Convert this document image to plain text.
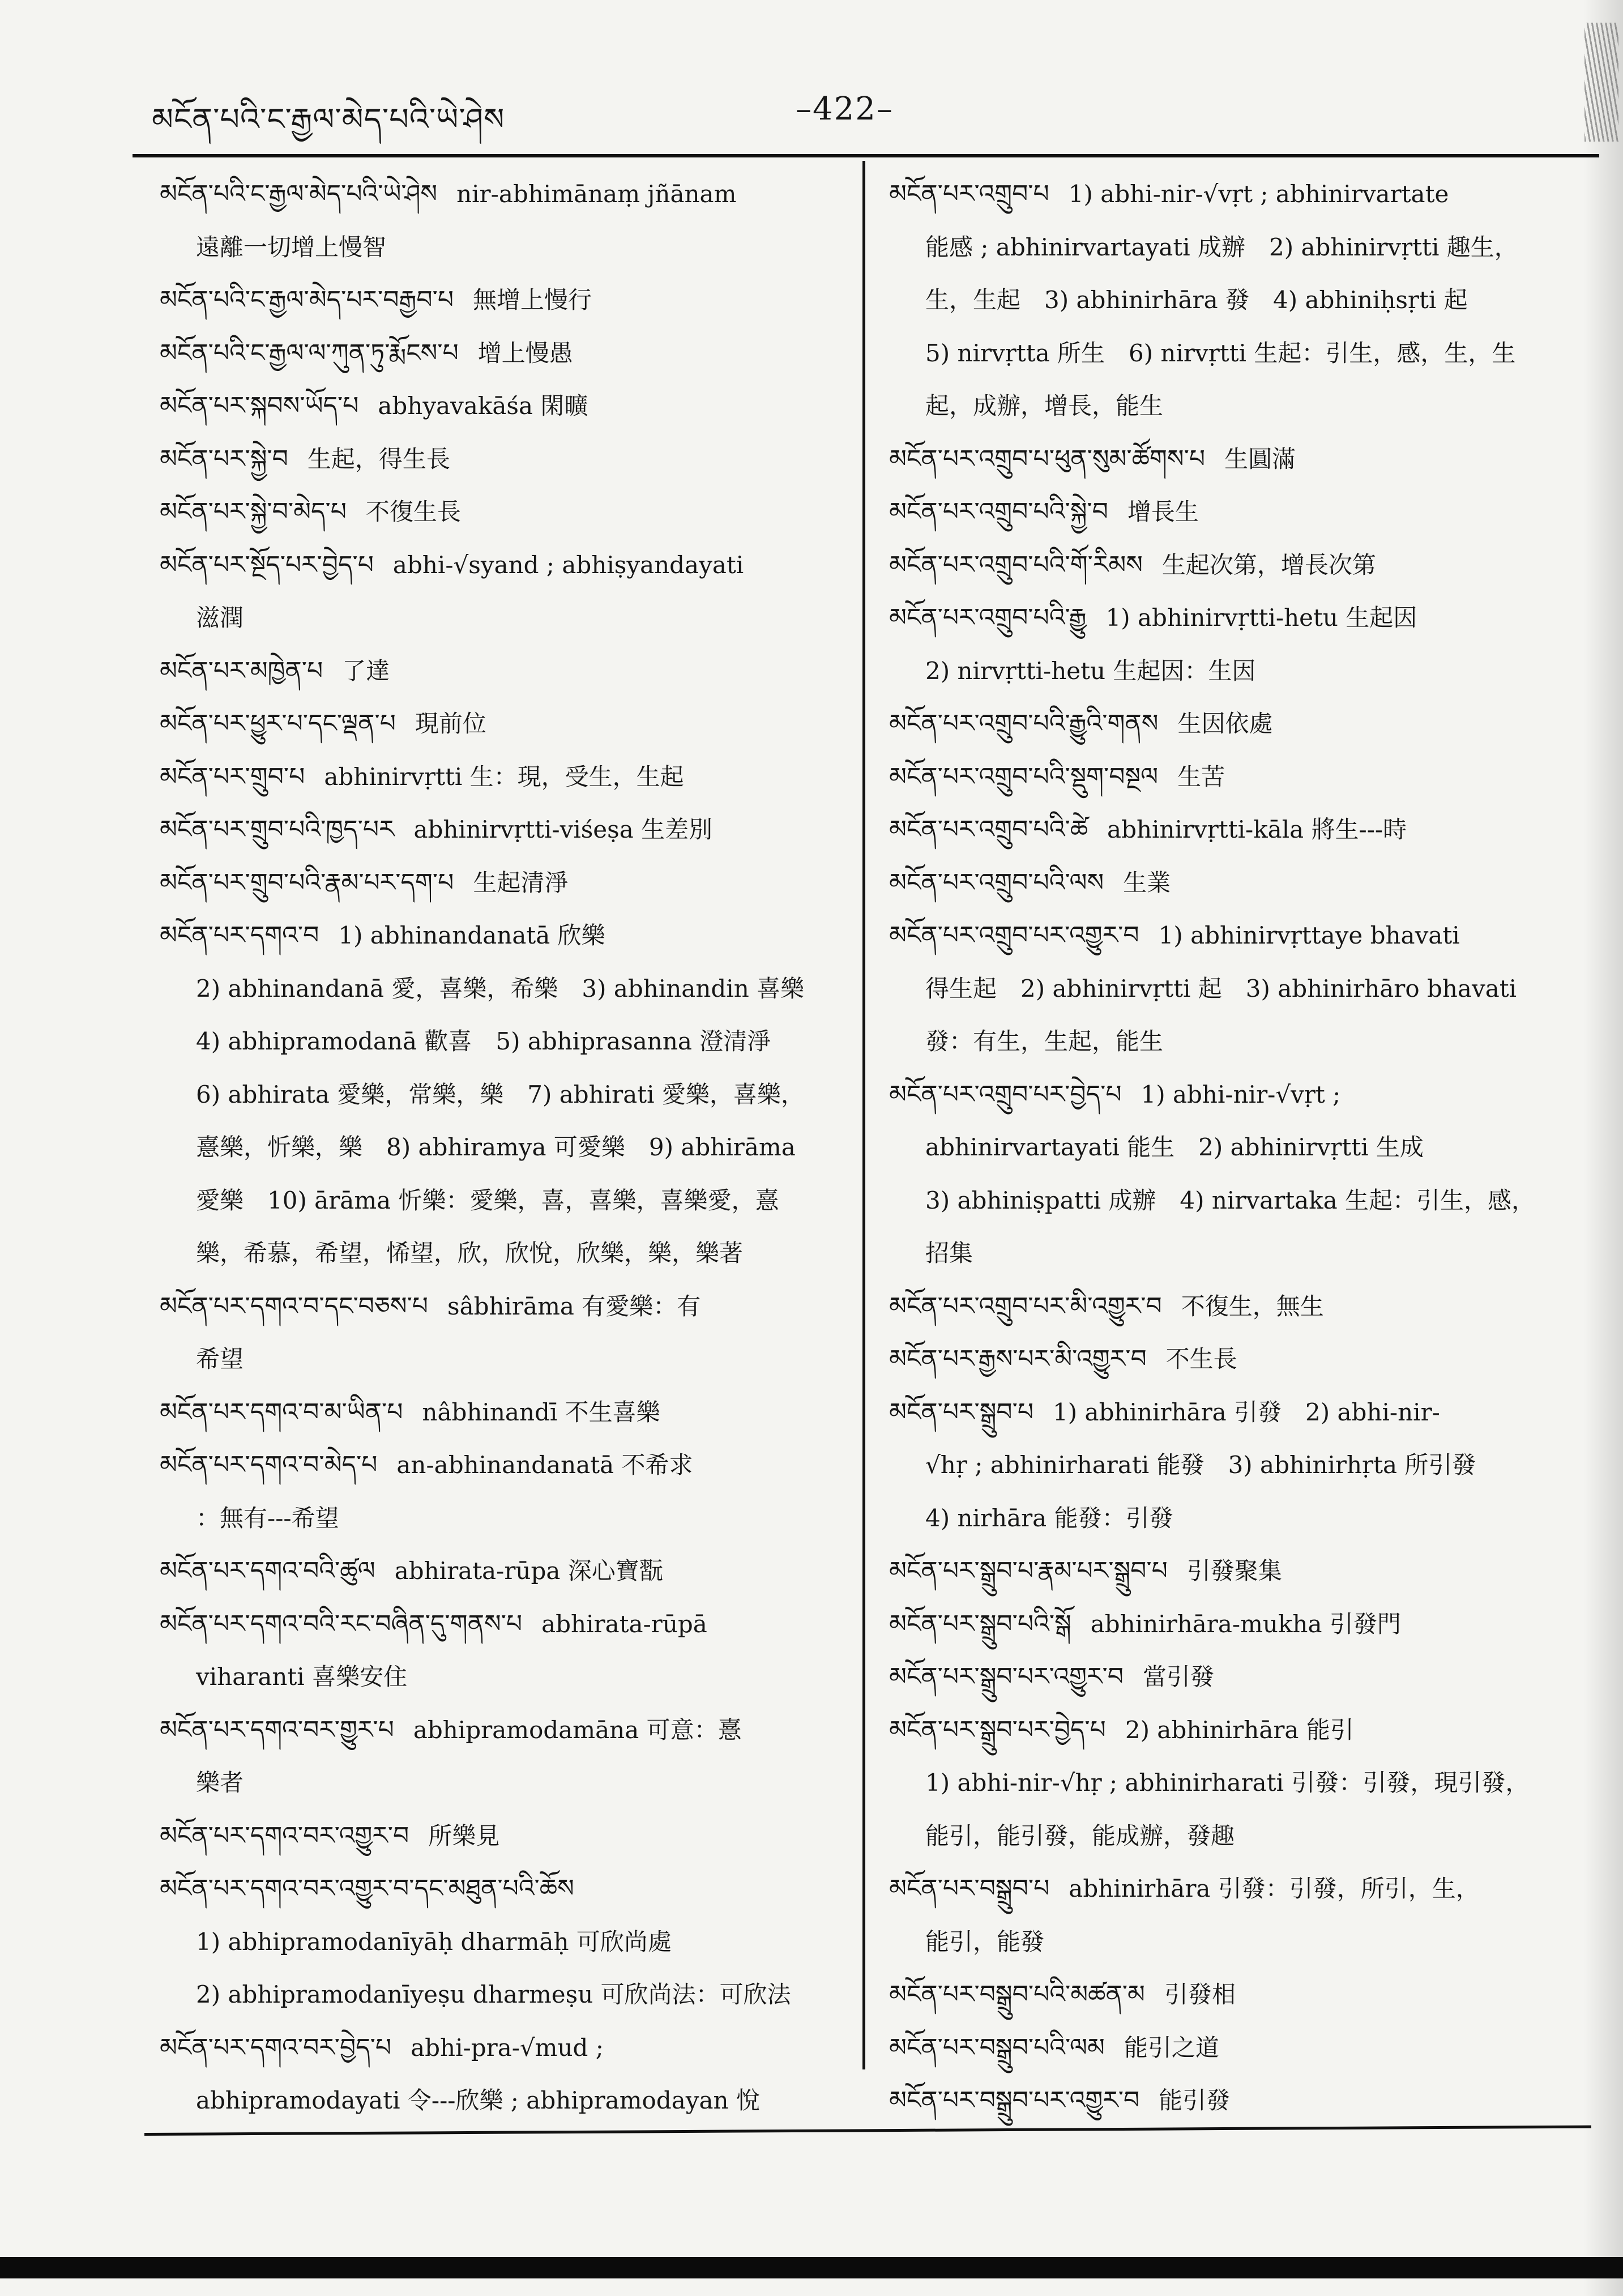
མངོན་པའི་ང་རྒྱལ་མེད་པའི་ཡེ་ཤེས	–422–
མངོན་པའི་ང་རྒྱལ་མེད་པའི་ཡེ་ཤེས nir-abhimānaṃ jñānam
遠離一切增上慢智
མངོན་པའི་ང་རྒྱལ་མེད་པར་བརྒྱབ་པ 無增上慢行
མངོན་པའི་ང་རྒྱལ་ལ་ཀུན་ཏུ་རྨོངས་པ 增上慢愚
མངོན་པར་སྐབས་ཡོད་པ abhyavakāśa 閑曠
མངོན་པར་སྐྱེ་བ 生起，得生長
མངོན་པར་སྐྱེ་བ་མེད་པ 不復生長
མངོན་པར་སྔོད་པར་བྱེད་པ abhi-√syand ; abhiṣyandayati
滋潤
མངོན་པར་མཁྱེན་པ 了達
མངོན་པར་ཕྱུར་པ་དང་ལྡན་པ 現前位
མངོན་པར་གྲུབ་པ abhinirvṛtti 生：現，受生，生起
མངོན་པར་གྲུབ་པའི་ཁྱད་པར abhinirvṛtti-viśeṣa 生差別
མངོན་པར་གྲུབ་པའི་རྣམ་པར་དག་པ 生起清淨
མངོན་པར་དགའ་བ 1) abhinandanatā 欣樂
2) abhinandanā 愛，喜樂，希樂　3) abhinandin 喜樂
4) abhipramodanā 歡喜　5) abhiprasanna 澄清淨
6) abhirata 愛樂，常樂，樂　7) abhirati 愛樂，喜樂，
憙樂，忻樂，樂　8) abhiramya 可愛樂　9) abhirāma
愛樂　10) ārāma 忻樂：愛樂，喜，喜樂，喜樂愛，憙
樂，希慕，希望，悕望，欣，欣悅，欣樂，樂，樂著
མངོན་པར་དགའ་བ་དང་བཅས་པ sâbhirāma 有愛樂：有
希望
མངོན་པར་དགའ་བ་མ་ཡིན་པ nâbhinandī 不生喜樂
མངོན་པར་དགའ་བ་མེད་པ an-abhinandanatā 不希求
：無有---希望
མངོན་པར་དགའ་བའི་ཚུལ abhirata-rūpa 深心寶翫
མངོན་པར་དགའ་བའི་རང་བཞིན་དུ་གནས་པ abhirata-rūpā
viharanti 喜樂安住
མངོན་པར་དགའ་བར་གྱུར་པ abhipramodamāna 可意：憙
樂者
མངོན་པར་དགའ་བར་འགྱུར་བ 所樂見
མངོན་པར་དགའ་བར་འགྱུར་བ་དང་མཐུན་པའི་ཆོས
1) abhipramodanīyāḥ dharmāḥ 可欣尚處
2) abhipramodanīyeṣu dharmeṣu 可欣尚法：可欣法
མངོན་པར་དགའ་བར་བྱེད་པ abhi-pra-√mud ;
abhipramodayati 令---欣樂 ; abhipramodayan 悅
མངོན་པར་འགྲུབ་པ 1) abhi-nir-√vṛt ; abhinirvartate
能感 ; abhinirvartayati 成辦　2) abhinirvṛtti 趣生，
生，生起　3) abhinirhāra 發　4) abhiniḥsṛti 起
5) nirvṛtta 所生　6) nirvṛtti 生起：引生，感，生，生
起，成辦，增長，能生
མངོན་པར་འགྲུབ་པ་ཕུན་སུམ་ཚོགས་པ 生圓滿
མངོན་པར་འགྲུབ་པའི་སྐྱེ་བ 增長生
མངོན་པར་འགྲུབ་པའི་གོ་རིམས 生起次第，增長次第
མངོན་པར་འགྲུབ་པའི་རྒྱུ 1) abhinirvṛtti-hetu 生起因
2) nirvṛtti-hetu 生起因：生因
མངོན་པར་འགྲུབ་པའི་རྒྱུའི་གནས 生因依處
མངོན་པར་འགྲུབ་པའི་སྡུག་བསྔལ 生苦
མངོན་པར་འགྲུབ་པའི་ཚེ abhinirvṛtti-kāla 將生---時
མངོན་པར་འགྲུབ་པའི་ལས 生業
མངོན་པར་འགྲུབ་པར་འགྱུར་བ 1) abhinirvṛttaye bhavati
得生起　2) abhinirvṛtti 起　3) abhinirhāro bhavati
發：有生，生起，能生
མངོན་པར་འགྲུབ་པར་བྱེད་པ 1) abhi-nir-√vṛt ;
abhinirvartayati 能生　2) abhinirvṛtti 生成
3) abhiniṣpatti 成辦　4) nirvartaka 生起：引生，感，
招集
མངོན་པར་འགྲུབ་པར་མི་འགྱུར་བ 不復生，無生
མངོན་པར་རྒྱས་པར་མི་འགྱུར་བ 不生長
མངོན་པར་སྒྲུབ་པ 1) abhinirhāra 引發　2) abhi-nir-
√hṛ ; abhinirharati 能發　3) abhinirhṛta 所引發
4) nirhāra 能發：引發
མངོན་པར་སྒྲུབ་པ་རྣམ་པར་སྒྲུབ་པ 引發聚集
མངོན་པར་སྒྲུབ་པའི་སྒོ abhinirhāra-mukha 引發門
མངོན་པར་སྒྲུབ་པར་འགྱུར་བ 當引發
མངོན་པར་སྒྲུབ་པར་བྱེད་པ 2) abhinirhāra 能引
1) abhi-nir-√hṛ ; abhinirharati 引發：引發，現引發，
能引，能引發，能成辦，發趣
མངོན་པར་བསྒྲུབ་པ abhinirhāra 引發：引發，所引，生，
能引，能發
མངོན་པར་བསྒྲུབ་པའི་མཚན་མ 引發相
མངོན་པར་བསྒྲུབ་པའི་ལམ 能引之道
མངོན་པར་བསྒྲུབ་པར་འགྱུར་བ 能引發
